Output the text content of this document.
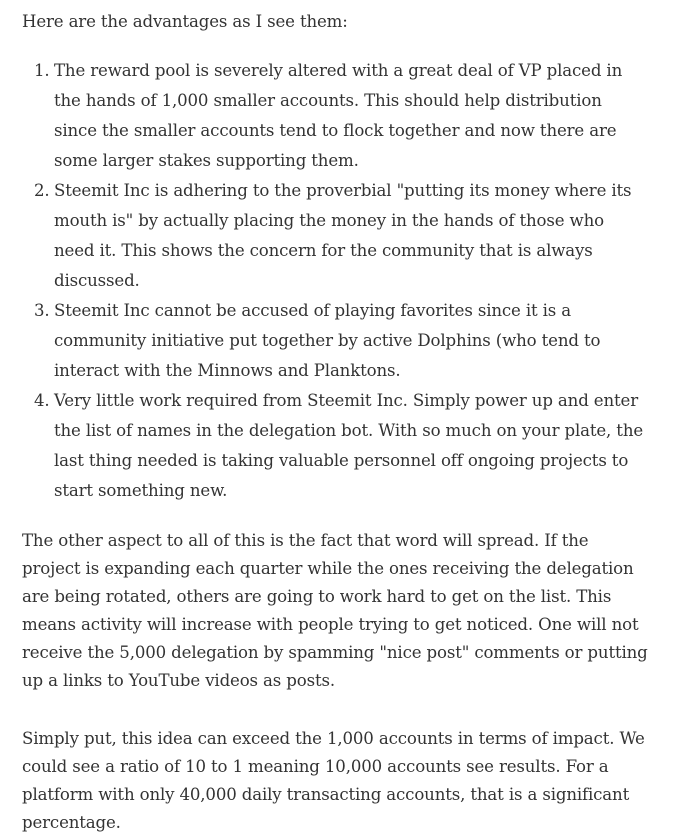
Here are the advantages as I see them:

1. The reward pool is severely altered with a great deal of VP placed in
the hands of 1,000 smaller accounts. This should help distribution
since the smaller accounts tend to flock together and now there are
some larger stakes supporting them.
2. Steemit Inc is adhering to the proverbial "putting its money where its
mouth is" by actually placing the money in the hands of those who
need it. This shows the concern for the community that is always
discussed.
3. Steemit Inc cannot be accused of playing favorites since it is a
community initiative put together by active Dolphins (who tend to
interact with the Minnows and Planktons.
4. Very little work required from Steemit Inc. Simply power up and enter
the list of names in the delegation bot. With so much on your plate, the
last thing needed is taking valuable personnel off ongoing projects to
start something new.

The other aspect to all of this is the fact that word will spread. If the
project is expanding each quarter while the ones receiving the delegation
are being rotated, others are going to work hard to get on the list. This
means activity will increase with people trying to get noticed. One will not
receive the 5,000 delegation by spamming "nice post" comments or putting
up a links to YouTube videos as posts.

Simply put, this idea can exceed the 1,000 accounts in terms of impact. We
could see a ratio of 10 to 1 meaning 10,000 accounts see results. For a
platform with only 40,000 daily transacting accounts, that is a significant
percentage.
